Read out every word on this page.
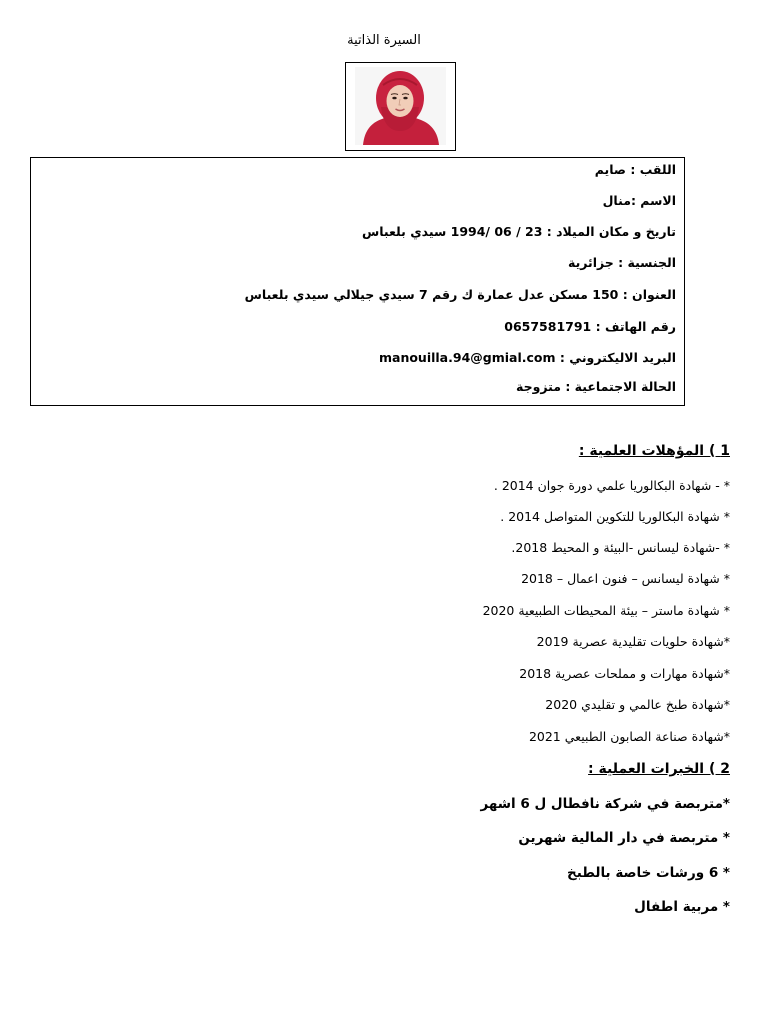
السيرة الذاتية
اللقب : صايم
الاسم :منال
تاريخ و مكان الميلاد : 23 / 06 /1994 سيدي بلعباس
الجنسية : جزائرية
العنوان : 150 مسكن عدل عمارة ك رقم 7 سيدي جيلالي سيدي بلعباس
رقم الهاتف : 0657581791
البريد الاليكتروني : manouilla.94@gmial.com
الحالة الاجتماعية : متزوجة
1 ) المؤهلات العلمية :
* - شهادة البكالوريا علمي دورة جوان 2014 .
* شهادة البكالوريا للتكوين المتواصل 2014 .
* -شهادة ليسانس -البيئة و المحيط 2018.
* شهادة ليسانس – فنون اعمال – 2018
* شهادة ماستر – بيئة المحيطات الطبيعية 2020
*شهادة حلويات تقليدية عصرية 2019
*شهادة مهارات و مملحات عصرية 2018
*شهادة طبخ عالمي و تقليدي 2020
*شهادة صناعة الصابون الطبيعي 2021
2 ) الخبرات العملية :
*متربصة في شركة نافطال ل 6 اشهر
* متربصة في دار المالية شهرين
* 6 ورشات خاصة بالطبخ
* مربية اطفال
